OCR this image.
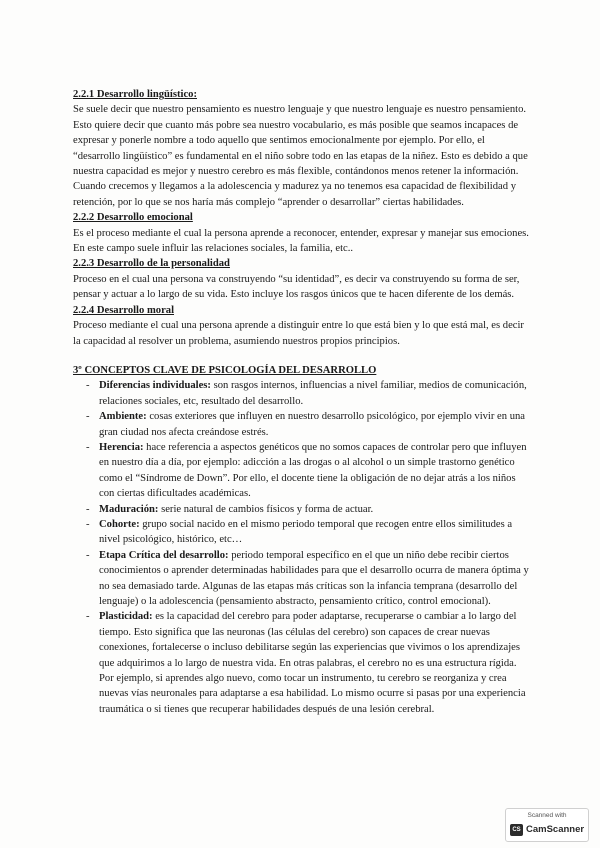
2.2.1 Desarrollo lingüístico:

Se suele decir que nuestro pensamiento es nuestro lenguaje y que nuestro lenguaje es nuestro pensamiento. Esto quiere decir que cuanto más pobre sea nuestro vocabulario, es más posible que seamos incapaces de expresar y ponerle nombre a todo aquello que sentimos emocionalmente por ejemplo. Por ello, el “desarrollo lingüístico” es fundamental en el niño sobre todo en las etapas de la niñez. Esto es debido a que nuestra capacidad es mejor y nuestro cerebro es más flexible, contándonos menos retener la información. Cuando crecemos y llegamos a la adolescencia y madurez ya no tenemos esa capacidad de flexibilidad y retención, por lo que se nos haría más complejo “aprender o desarrollar” ciertas habilidades.

2.2.2 Desarrollo emocional

Es el proceso mediante el cual la persona aprende a reconocer, entender, expresar y manejar sus emociones. En este campo suele influir las relaciones sociales, la familia, etc..

2.2.3 Desarrollo de la personalidad

Proceso en el cual una persona va construyendo “su identidad”, es decir va construyendo su forma de ser, pensar y actuar a lo largo de su vida. Esto incluye los rasgos únicos que te hacen diferente de los demás.

2.2.4 Desarrollo moral

Proceso mediante el cual una persona aprende a distinguir entre lo que está bien y lo que está mal, es decir la capacidad al resolver un problema, asumiendo nuestros propios principios.

3º CONCEPTOS CLAVE DE PSICOLOGÍA DEL DESARROLLO
- Diferencias individuales: son rasgos internos, influencias a nivel familiar, medios de comunicación, relaciones sociales, etc, resultado del desarrollo.
- Ambiente: cosas exteriores que influyen en nuestro desarrollo psicológico, por ejemplo vivir en una gran ciudad nos afecta creándose estrés.
- Herencia: hace referencia a aspectos genéticos que no somos capaces de controlar pero que influyen en nuestro día a día, por ejemplo: adicción a las drogas o al alcohol o un simple trastorno genético como el “Síndrome de Down”. Por ello, el docente tiene la obligación de no dejar atrás a los niños con ciertas dificultades académicas.
- Maduración: serie natural de cambios físicos y forma de actuar.
- Cohorte: grupo social nacido en el mismo periodo temporal que recogen entre ellos similitudes a nivel psicológico, histórico, etc…
- Etapa Crítica del desarrollo: periodo temporal específico en el que un niño debe recibir ciertos conocimientos o aprender determinadas habilidades para que el desarrollo ocurra de manera óptima y no sea demasiado tarde. Algunas de las etapas más críticas son la infancia temprana (desarrollo del lenguaje) o la adolescencia (pensamiento abstracto, pensamiento crítico, control emocional).
- Plasticidad: es la capacidad del cerebro para poder adaptarse, recuperarse o cambiar a lo largo del tiempo. Esto significa que las neuronas (las células del cerebro) son capaces de crear nuevas conexiones, fortalecerse o incluso debilitarse según las experiencias que vivimos o los aprendizajes que adquirimos a lo largo de nuestra vida. En otras palabras, el cerebro no es una estructura rígida. Por ejemplo, si aprendes algo nuevo, como tocar un instrumento, tu cerebro se reorganiza y crea nuevas vías neuronales para adaptarse a esa habilidad. Lo mismo ocurre si pasas por una experiencia traumática o si tienes que recuperar habilidades después de una lesión cerebral.
Scanned with
CS CamScanner
